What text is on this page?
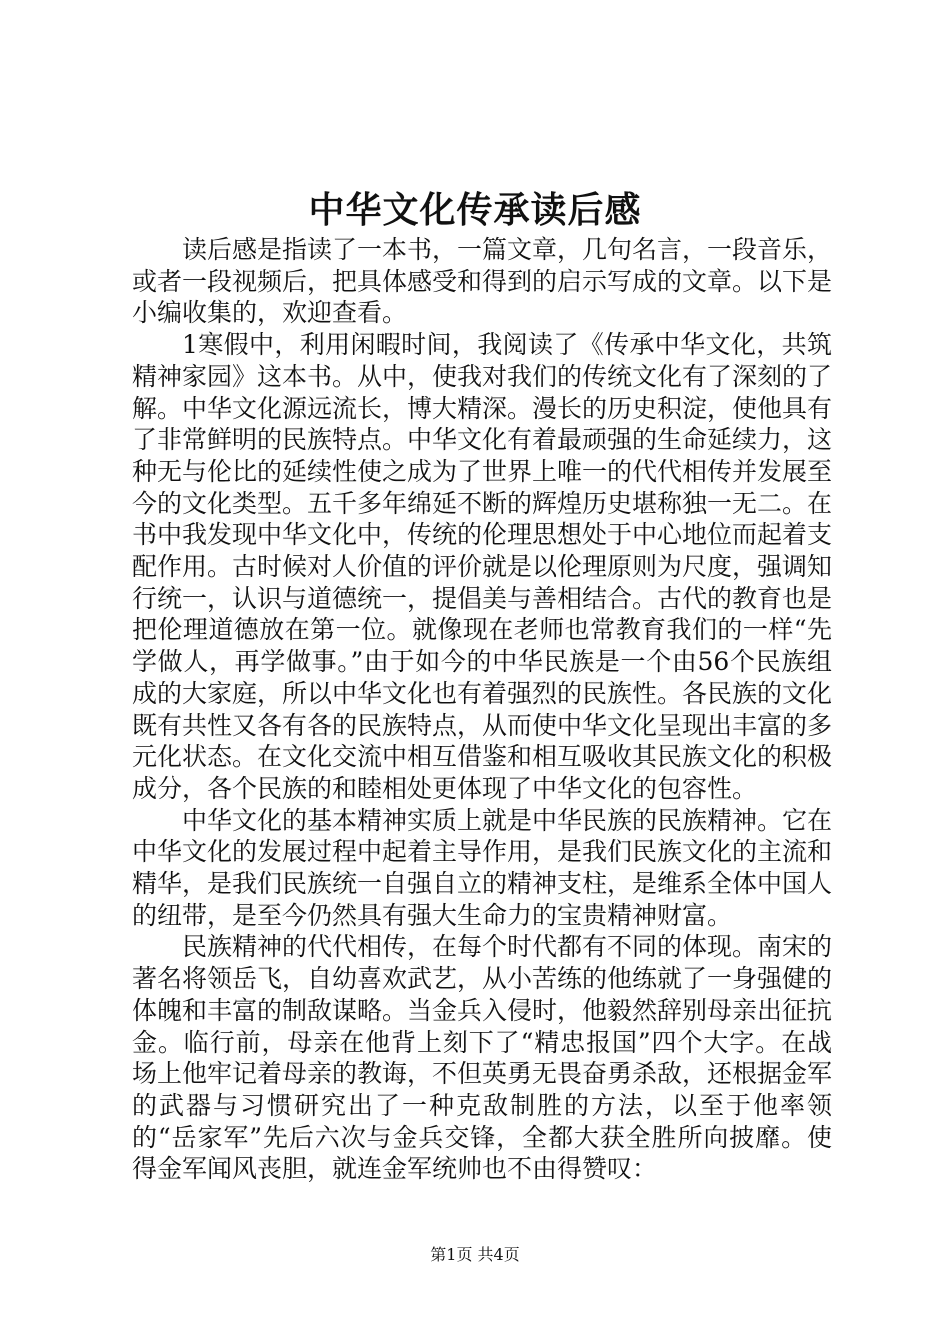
中华文化传承读后感

读后感是指读了一本书，一篇文章，几句名言，一段音乐，或者一段视频后，把具体感受和得到的启示写成的文章。以下是小编收集的，欢迎查看。

1寒假中，利用闲暇时间，我阅读了《传承中华文化，共筑精神家园》这本书。从中，使我对我们的传统文化有了深刻的了解。中华文化源远流长，博大精深。漫长的历史积淀，使他具有了非常鲜明的民族特点。中华文化有着最顽强的生命延续力，这种无与伦比的延续性使之成为了世界上唯一的代代相传并发展至今的文化类型。五千多年绵延不断的辉煌历史堪称独一无二。在书中我发现中华文化中，传统的伦理思想处于中心地位而起着支配作用。古时候对人价值的评价就是以伦理原则为尺度，强调知行统一，认识与道德统一，提倡美与善相结合。古代的教育也是把伦理道德放在第一位。就像现在老师也常教育我们的一样“先学做人，再学做事。”由于如今的中华民族是一个由56个民族组成的大家庭，所以中华文化也有着强烈的民族性。各民族的文化既有共性又各有各的民族特点，从而使中华文化呈现出丰富的多元化状态。在文化交流中相互借鉴和相互吸收其民族文化的积极成分，各个民族的和睦相处更体现了中华文化的包容性。

中华文化的基本精神实质上就是中华民族的民族精神。它在中华文化的发展过程中起着主导作用，是我们民族文化的主流和精华，是我们民族统一自强自立的精神支柱，是维系全体中国人的纽带，是至今仍然具有强大生命力的宝贵精神财富。

民族精神的代代相传，在每个时代都有不同的体现。南宋的著名将领岳飞，自幼喜欢武艺，从小苦练的他练就了一身强健的体魄和丰富的制敌谋略。当金兵入侵时，他毅然辞别母亲出征抗金。临行前，母亲在他背上刻下了“精忠报国”四个大字。在战场上他牢记着母亲的教诲，不但英勇无畏奋勇杀敌，还根据金军的武器与习惯研究出了一种克敌制胜的方法，以至于他率领的“岳家军”先后六次与金兵交锋，全都大获全胜所向披靡。使得金军闻风丧胆，就连金军统帅也不由得赞叹：

第1页 共4页
